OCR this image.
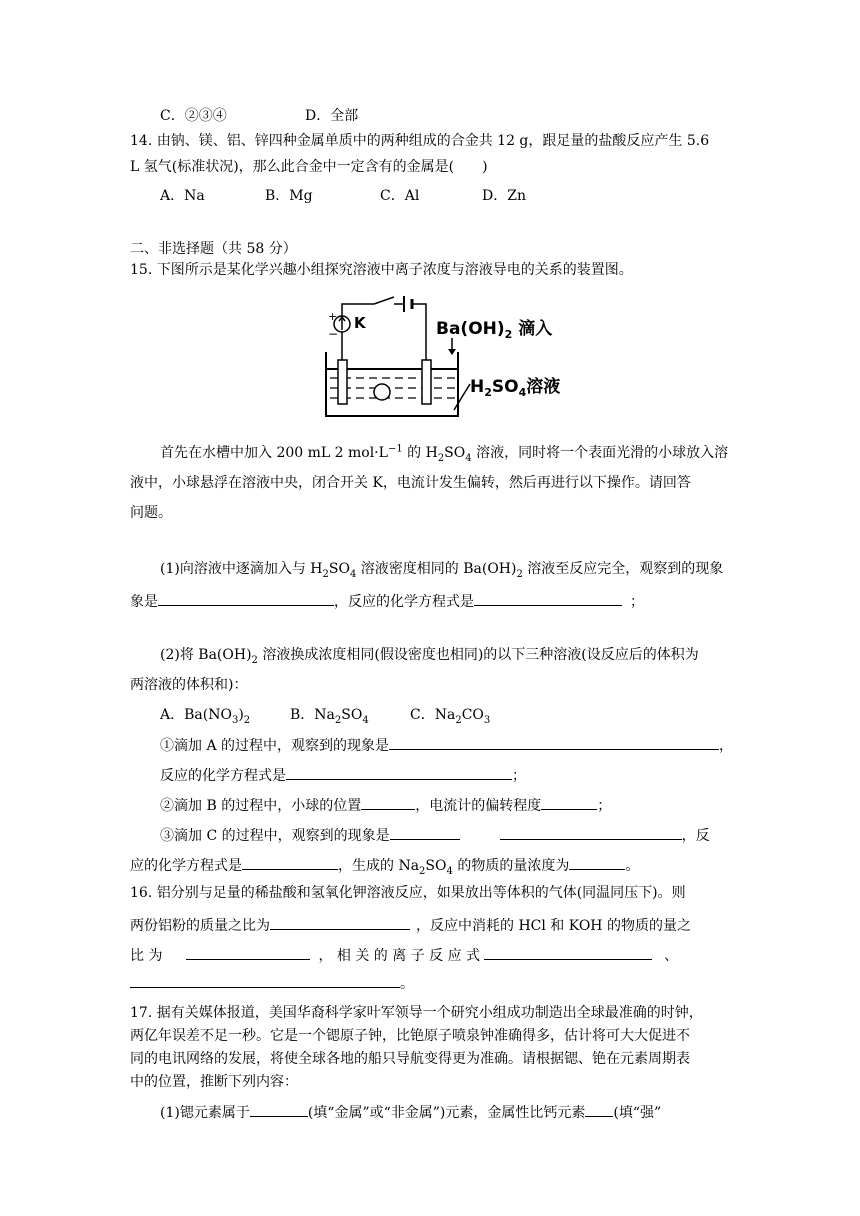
C．②③④	D．全部
14. 由钠、镁、铝、锌四种金属单质中的两种组成的合金共 12 g，跟足量的盐酸反应产生 5.6
L 氢气(标准状况)，那么此合金中一定含有的金属是(　　)
A．Na	B．Mg	C．Al	D．Zn
二、非选择题（共 58 分）
15. 下图所示是某化学兴趣小组探究溶液中离子浓度与溶液导电的关系的装置图。
+
−
K	$Ba(OH)_2$ 滴入
$H_2SO_4$溶液
首先在水槽中加入 200 mL 2 $mol\cdot L^{-1}$ 的 $H_2SO_4$ 溶液，同时将一个表面光滑的小球放入溶
液中，小球悬浮在溶液中央，闭合开关 K，电流计发生偏转，然后再进行以下操作。请回答
问题。
(1)向溶液中逐滴加入与 $H_2SO_4$ 溶液密度相同的 $Ba(OH)_2$ 溶液至反应完全，观察到的现象
象是	，反应的化学方程式是	；
(2)将 $Ba(OH)_2$ 溶液换成浓度相同(假设密度也相同)的以下三种溶液(设反应后的体积为
两溶液的体积和)：
A．$Ba(NO_3)_2$	B．$Na_2SO_4$	C．$Na_2CO_3$
①滴加 A 的过程中，观察到的现象是	，
反应的化学方程式是	；
②滴加 B 的过程中，小球的位置	，电流计的偏转程度	；
③滴加 C 的过程中，观察到的现象是	，反
应的化学方程式是	，生成的 $Na_2SO_4$ 的物质的量浓度为	。
16. 铝分别与足量的稀盐酸和氢氧化钾溶液反应，如果放出等体积的气体(同温同压下)。则
两份铝粉的质量之比为	，反应中消耗的 HCl 和 KOH 的物质的量之
比 为	， 相 关 的 离 子 反 应 式	、
。
17. 据有关媒体报道，美国华裔科学家叶军领导一个研究小组成功制造出全球最准确的时钟，
两亿年误差不足一秒。它是一个锶原子钟，比铯原子喷泉钟准确得多，估计将可大大促进不
同的电讯网络的发展，将使全球各地的船只导航变得更为准确。请根据锶、铯在元素周期表
中的位置，推断下列内容：
(1)锶元素属于	(填“金属”或“非金属”)元素，金属性比钙元素 (填“强”
